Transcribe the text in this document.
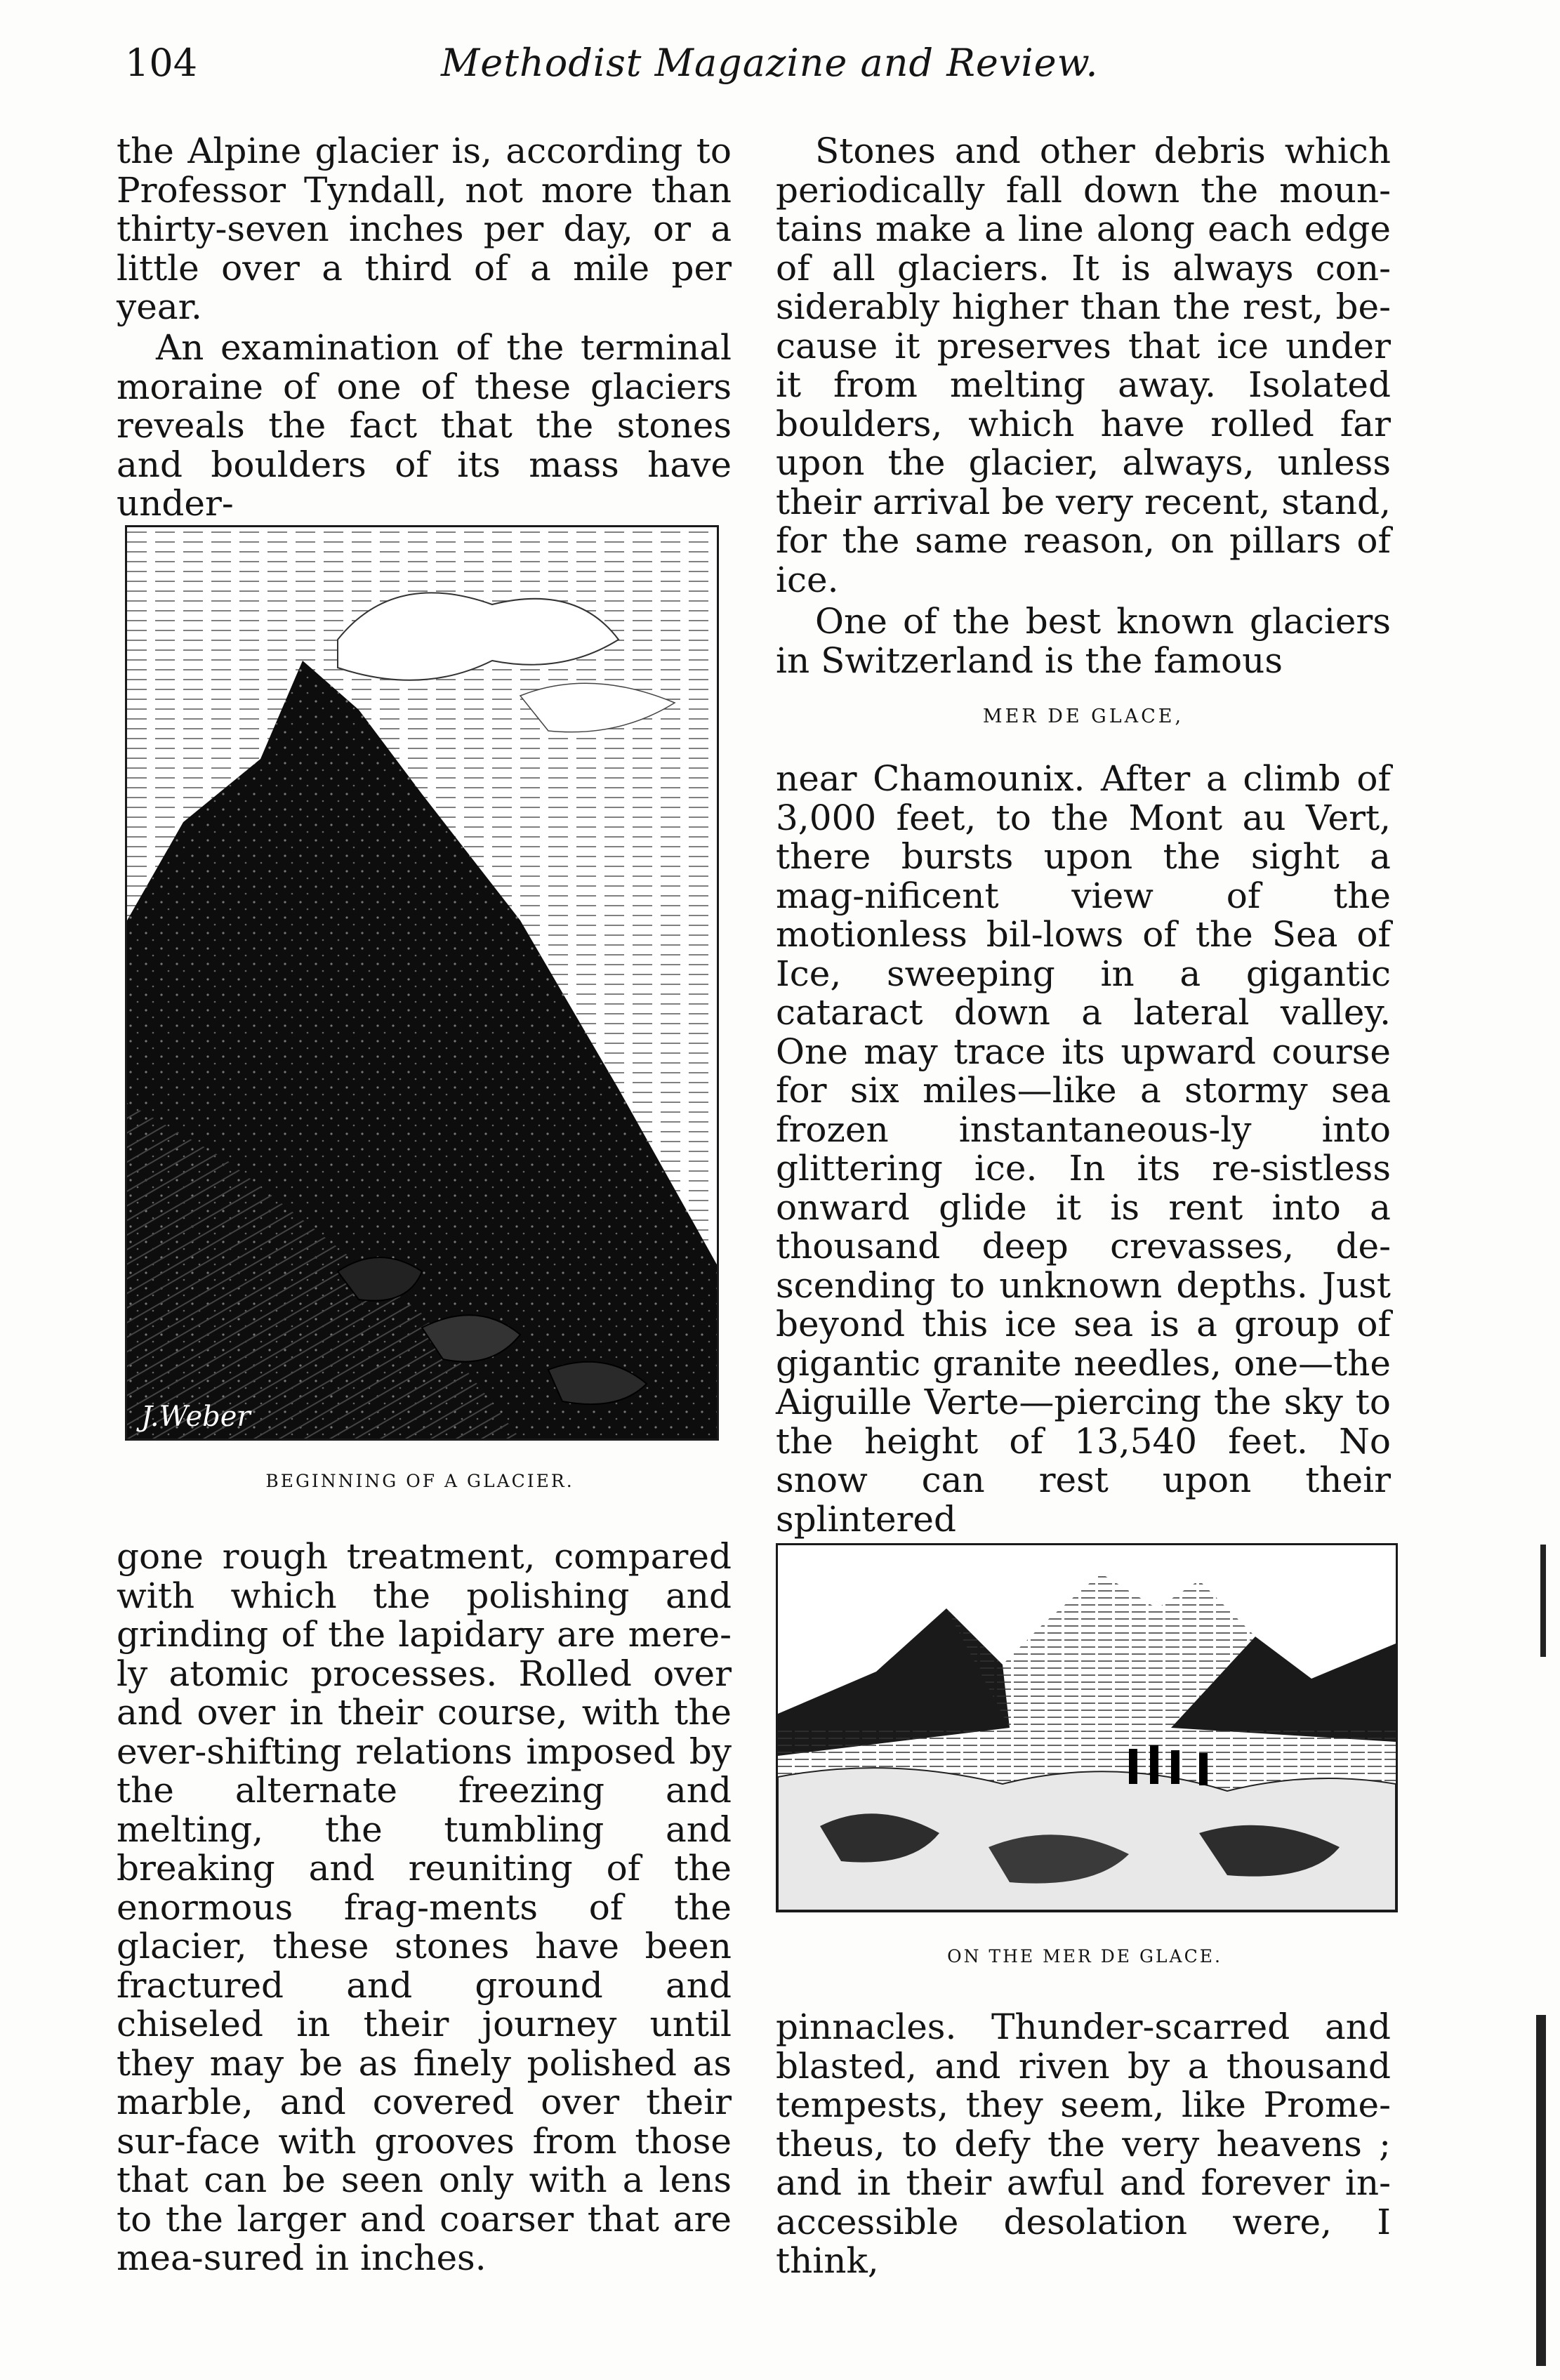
104	Methodist Magazine and Review.

the Alpine glacier is, according to Professor Tyndall, not more than thirty-seven inches per day, or a little over a third of a mile per year.

An examination of the terminal moraine of one of these glaciers reveals the fact that the stones and boulders of its mass have under-

J.Weber

BEGINNING OF A GLACIER.

gone rough treatment, compared with which the polishing and grinding of the lapidary are mere-ly atomic processes. Rolled over and over in their course, with the ever-shifting relations imposed by the alternate freezing and melting, the tumbling and breaking and reuniting of the enormous frag-ments of the glacier, these stones have been fractured and ground and chiseled in their journey until they may be as finely polished as marble, and covered over their sur-face with grooves from those that can be seen only with a lens to the larger and coarser that are mea-sured in inches.

Stones and other debris which periodically fall down the moun-tains make a line along each edge of all glaciers. It is always con-siderably higher than the rest, be-cause it preserves that ice under it from melting away. Isolated boulders, which have rolled far upon the glacier, always, unless their arrival be very recent, stand, for the same reason, on pillars of ice.

One of the best known glaciers in Switzerland is the famous

MER DE GLACE,

near Chamounix. After a climb of 3,000 feet, to the Mont au Vert, there bursts upon the sight a mag-nificent view of the motionless bil-lows of the Sea of Ice, sweeping in a gigantic cataract down a lateral valley. One may trace its upward course for six miles—like a stormy sea frozen instantaneous-ly into glittering ice. In its re-sistless onward glide it is rent into a thousand deep crevasses, de-scending to unknown depths. Just beyond this ice sea is a group of gigantic granite needles, one—the Aiguille Verte—piercing the sky to the height of 13,540 feet. No snow can rest upon their splintered

ON THE MER DE GLACE.

pinnacles. Thunder-scarred and blasted, and riven by a thousand tempests, they seem, like Prome-theus, to defy the very heavens ; and in their awful and forever in-accessible desolation were, I think,
